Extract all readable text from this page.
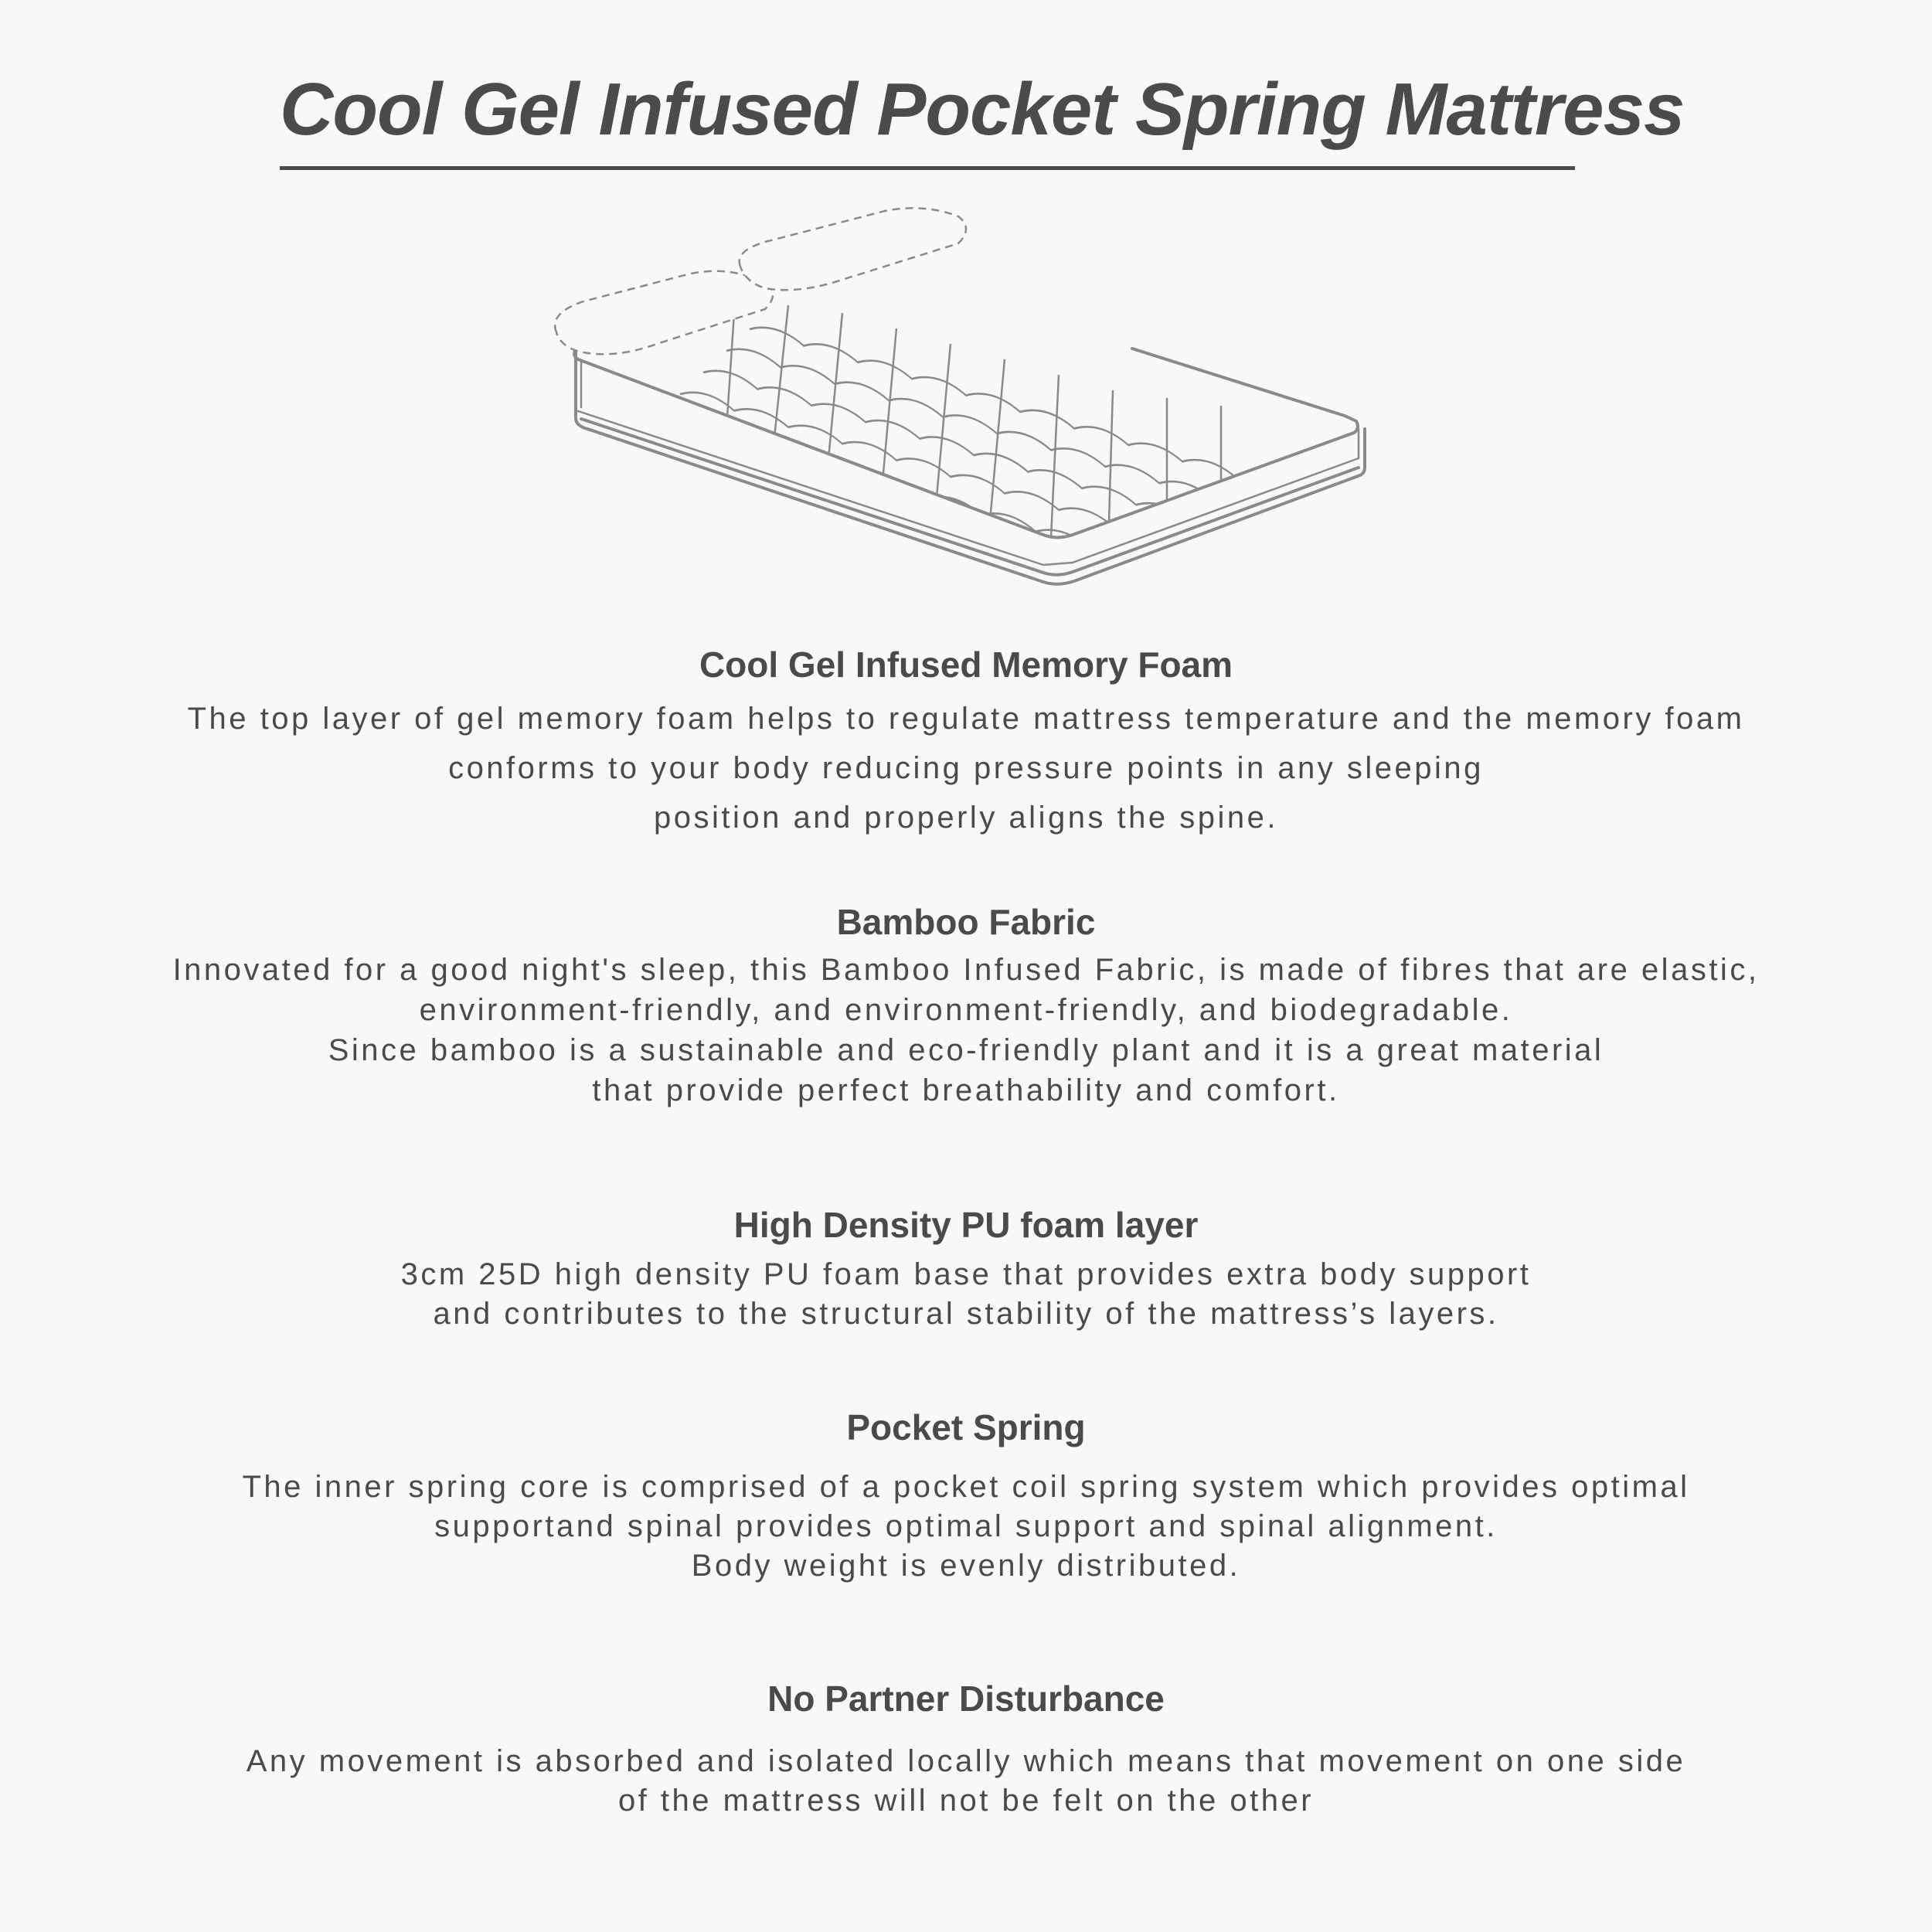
Cool Gel Infused Pocket Spring Mattress
Cool Gel Infused Memory Foam

The top layer of gel memory foam helps to regulate mattress temperature and the memory foam

conforms to your body reducing pressure points in any sleeping

position and properly aligns the spine.

Bamboo Fabric

Innovated for a good night's sleep, this Bamboo Infused Fabric, is made of fibres that are elastic,

environment-friendly, and environment-friendly, and biodegradable.

Since bamboo is a sustainable and eco-friendly plant and it is a great material

that provide perfect breathability and comfort.

High Density PU foam layer

3cm 25D high density PU foam base that provides extra body support

and contributes to the structural stability of the mattress’s layers.

Pocket Spring

The inner spring core is comprised of a pocket coil spring system which provides optimal

supportand spinal provides optimal support and spinal alignment.

Body weight is evenly distributed.

No Partner Disturbance

Any movement is absorbed and isolated locally which means that movement on one side

of the mattress will not be felt on the other
